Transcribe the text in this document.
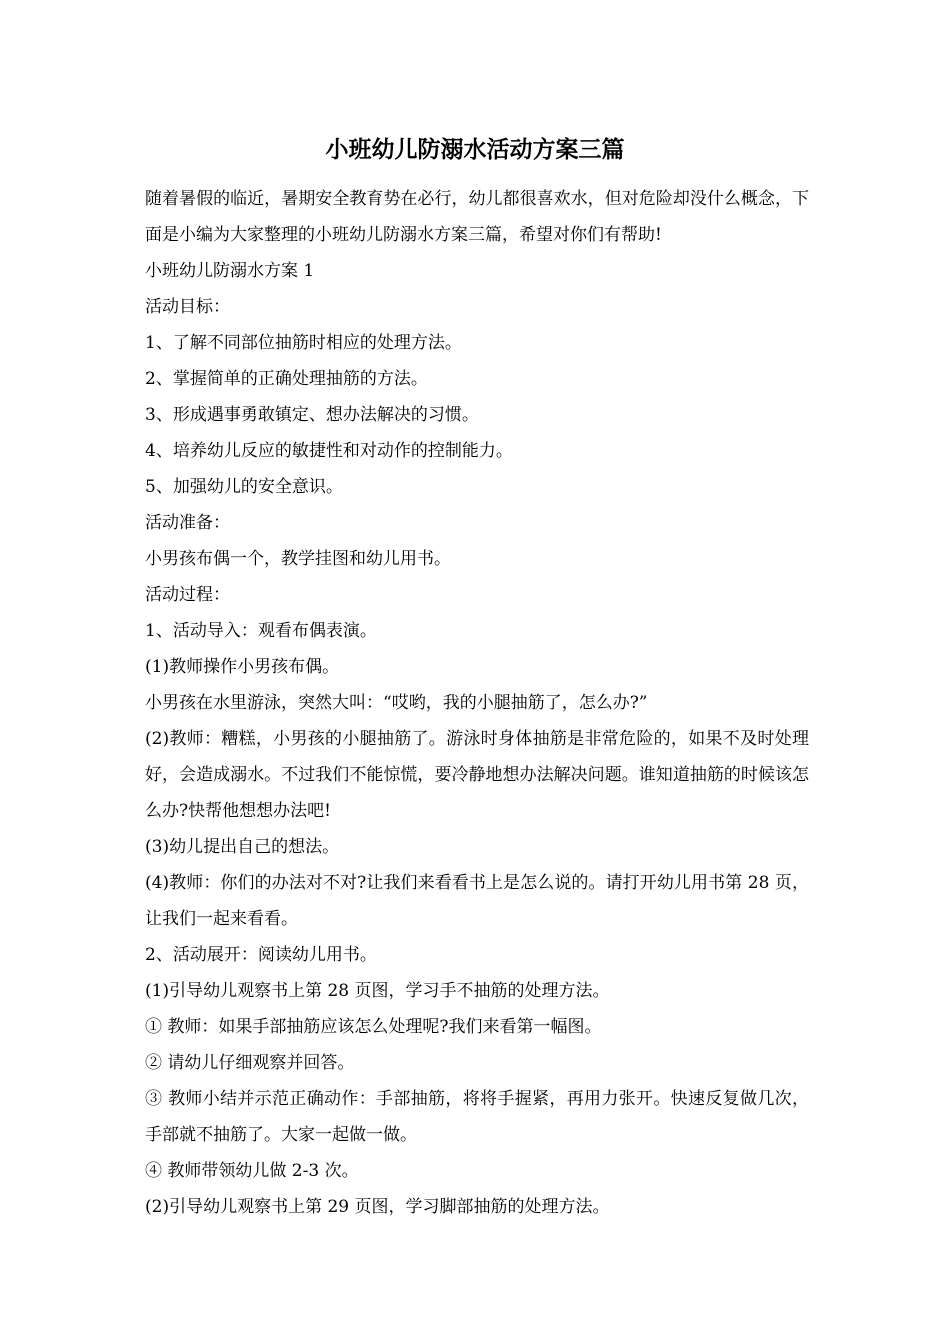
小班幼儿防溺水活动方案三篇

随着暑假的临近，暑期安全教育势在必行，幼儿都很喜欢水，但对危险却没什么概念，下面是小编为大家整理的小班幼儿防溺水方案三篇，希望对你们有帮助!

小班幼儿防溺水方案 1

活动目标：

1、了解不同部位抽筋时相应的处理方法。

2、掌握简单的正确处理抽筋的方法。

3、形成遇事勇敢镇定、想办法解决的习惯。

4、培养幼儿反应的敏捷性和对动作的控制能力。

5、加强幼儿的安全意识。

活动准备：

小男孩布偶一个，教学挂图和幼儿用书。

活动过程：

1、活动导入：观看布偶表演。

(1)教师操作小男孩布偶。

小男孩在水里游泳，突然大叫：“哎哟，我的小腿抽筋了，怎么办?”

(2)教师：糟糕，小男孩的小腿抽筋了。游泳时身体抽筋是非常危险的，如果不及时处理好，会造成溺水。不过我们不能惊慌，要冷静地想办法解决问题。谁知道抽筋的时候该怎么办?快帮他想想办法吧!

(3)幼儿提出自己的想法。

(4)教师：你们的办法对不对?让我们来看看书上是怎么说的。请打开幼儿用书第 28 页，让我们一起来看看。

2、活动展开：阅读幼儿用书。

(1)引导幼儿观察书上第 28 页图，学习手不抽筋的处理方法。

① 教师：如果手部抽筋应该怎么处理呢?我们来看第一幅图。

② 请幼儿仔细观察并回答。

③ 教师小结并示范正确动作：手部抽筋，将将手握紧，再用力张开。快速反复做几次，手部就不抽筋了。大家一起做一做。

④ 教师带领幼儿做 2-3 次。

(2)引导幼儿观察书上第 29 页图，学习脚部抽筋的处理方法。
